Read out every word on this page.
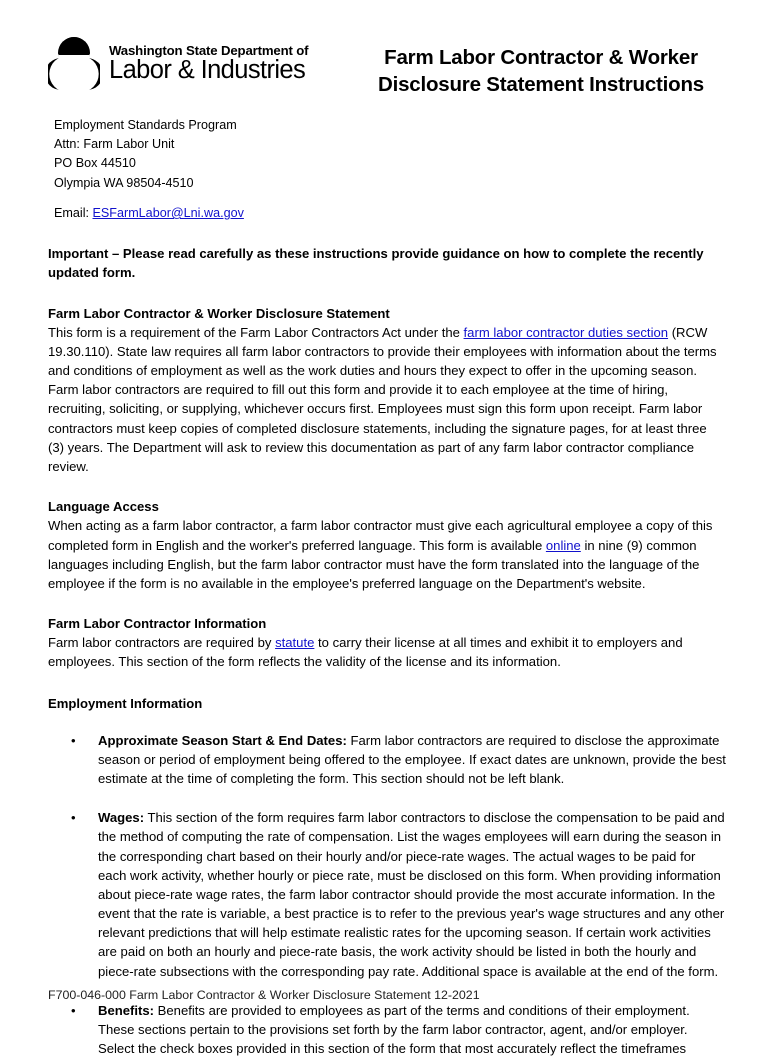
Washington State Department of
Labor & Industries	Farm Labor Contractor & Worker
Disclosure Statement Instructions
Employment Standards Program
Attn: Farm Labor Unit
PO Box 44510
Olympia WA 98504-4510
Email: ESFarmLabor@Lni.wa.gov

Important – Please read carefully as these instructions provide guidance on how to complete the recently updated form.

Farm Labor Contractor & Worker Disclosure Statement

This form is a requirement of the Farm Labor Contractors Act under the farm labor contractor duties section (RCW 19.30.110). State law requires all farm labor contractors to provide their employees with information about the terms and conditions of employment as well as the work duties and hours they expect to offer in the upcoming season. Farm labor contractors are required to fill out this form and provide it to each employee at the time of hiring, recruiting, soliciting, or supplying, whichever occurs first. Employees must sign this form upon receipt. Farm labor contractors must keep copies of completed disclosure statements, including the signature pages, for at least three (3) years. The Department will ask to review this documentation as part of any farm labor contractor compliance review.

Language Access

When acting as a farm labor contractor, a farm labor contractor must give each agricultural employee a copy of this completed form in English and the worker's preferred language. This form is available online in nine (9) common languages including English, but the farm labor contractor must have the form translated into the language of the employee if the form is no available in the employee's preferred language on the Department's website.

Farm Labor Contractor Information

Farm labor contractors are required by statute to carry their license at all times and exhibit it to employers and employees. This section of the form reflects the validity of the license and its information.

Employment Information

• Approximate Season Start & End Dates: Farm labor contractors are required to disclose the approximate season or period of employment being offered to the employee. If exact dates are unknown, provide the best estimate at the time of completing the form. This section should not be left blank.
• Wages: This section of the form requires farm labor contractors to disclose the compensation to be paid and the method of computing the rate of compensation. List the wages employees will earn during the season in the corresponding chart based on their hourly and/or piece-rate wages. The actual wages to be paid for each work activity, whether hourly or piece rate, must be disclosed on this form. When providing information about piece-rate wage rates, the farm labor contractor should provide the most accurate information. In the event that the rate is variable, a best practice is to refer to the previous year's wage structures and any other relevant predictions that will help estimate realistic rates for the upcoming season. If certain work activities are paid on both an hourly and piece-rate basis, the work activity should be listed in both the hourly and piece-rate subsections with the corresponding pay rate. Additional space is available at the end of the form.
• Benefits: Benefits are provided to employees as part of the terms and conditions of their employment. These sections pertain to the provisions set forth by the farm labor contractor, agent, and/or employer. Select the check boxes provided in this section of the form that most accurately reflect the timeframes
F700-046-000 Farm Labor Contractor & Worker Disclosure Statement 12-2021
